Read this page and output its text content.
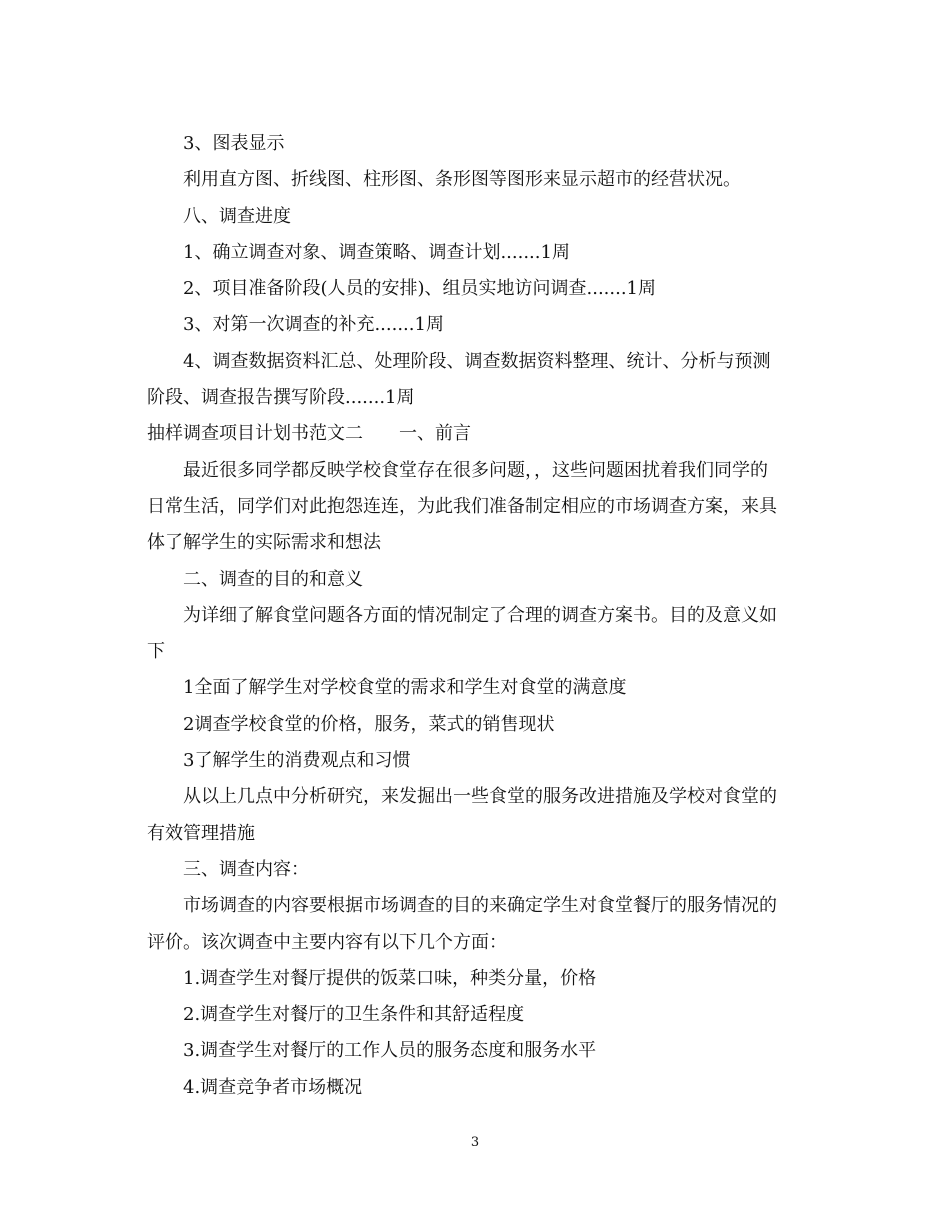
3、图表显示
利用直方图、折线图、柱形图、条形图等图形来显示超市的经营状况。
八、调查进度
1、确立调查对象、调查策略、调查计划.......1周
2、项目准备阶段(人员的安排)、组员实地访问调查.......1周
3、对第一次调查的补充.......1周
4、调查数据资料汇总、处理阶段、调查数据资料整理、统计、分析与预测
阶段、调查报告撰写阶段.......1周
抽样调查项目计划书范文二　　一、前言
最近很多同学都反映学校食堂存在很多问题，，这些问题困扰着我们同学的
日常生活，同学们对此抱怨连连，为此我们准备制定相应的市场调查方案，来具
体了解学生的实际需求和想法
二、调查的目的和意义
为详细了解食堂问题各方面的情况制定了合理的调查方案书。目的及意义如
下
1全面了解学生对学校食堂的需求和学生对食堂的满意度
2调查学校食堂的价格，服务，菜式的销售现状
3了解学生的消费观点和习惯
从以上几点中分析研究，来发掘出一些食堂的服务改进措施及学校对食堂的
有效管理措施
三、调查内容：
市场调查的内容要根据市场调查的目的来确定学生对食堂餐厅的服务情况的
评价。该次调查中主要内容有以下几个方面：
1.调查学生对餐厅提供的饭菜口味，种类分量，价格
2.调查学生对餐厅的卫生条件和其舒适程度
3.调查学生对餐厅的工作人员的服务态度和服务水平
4.调查竞争者市场概况
3
